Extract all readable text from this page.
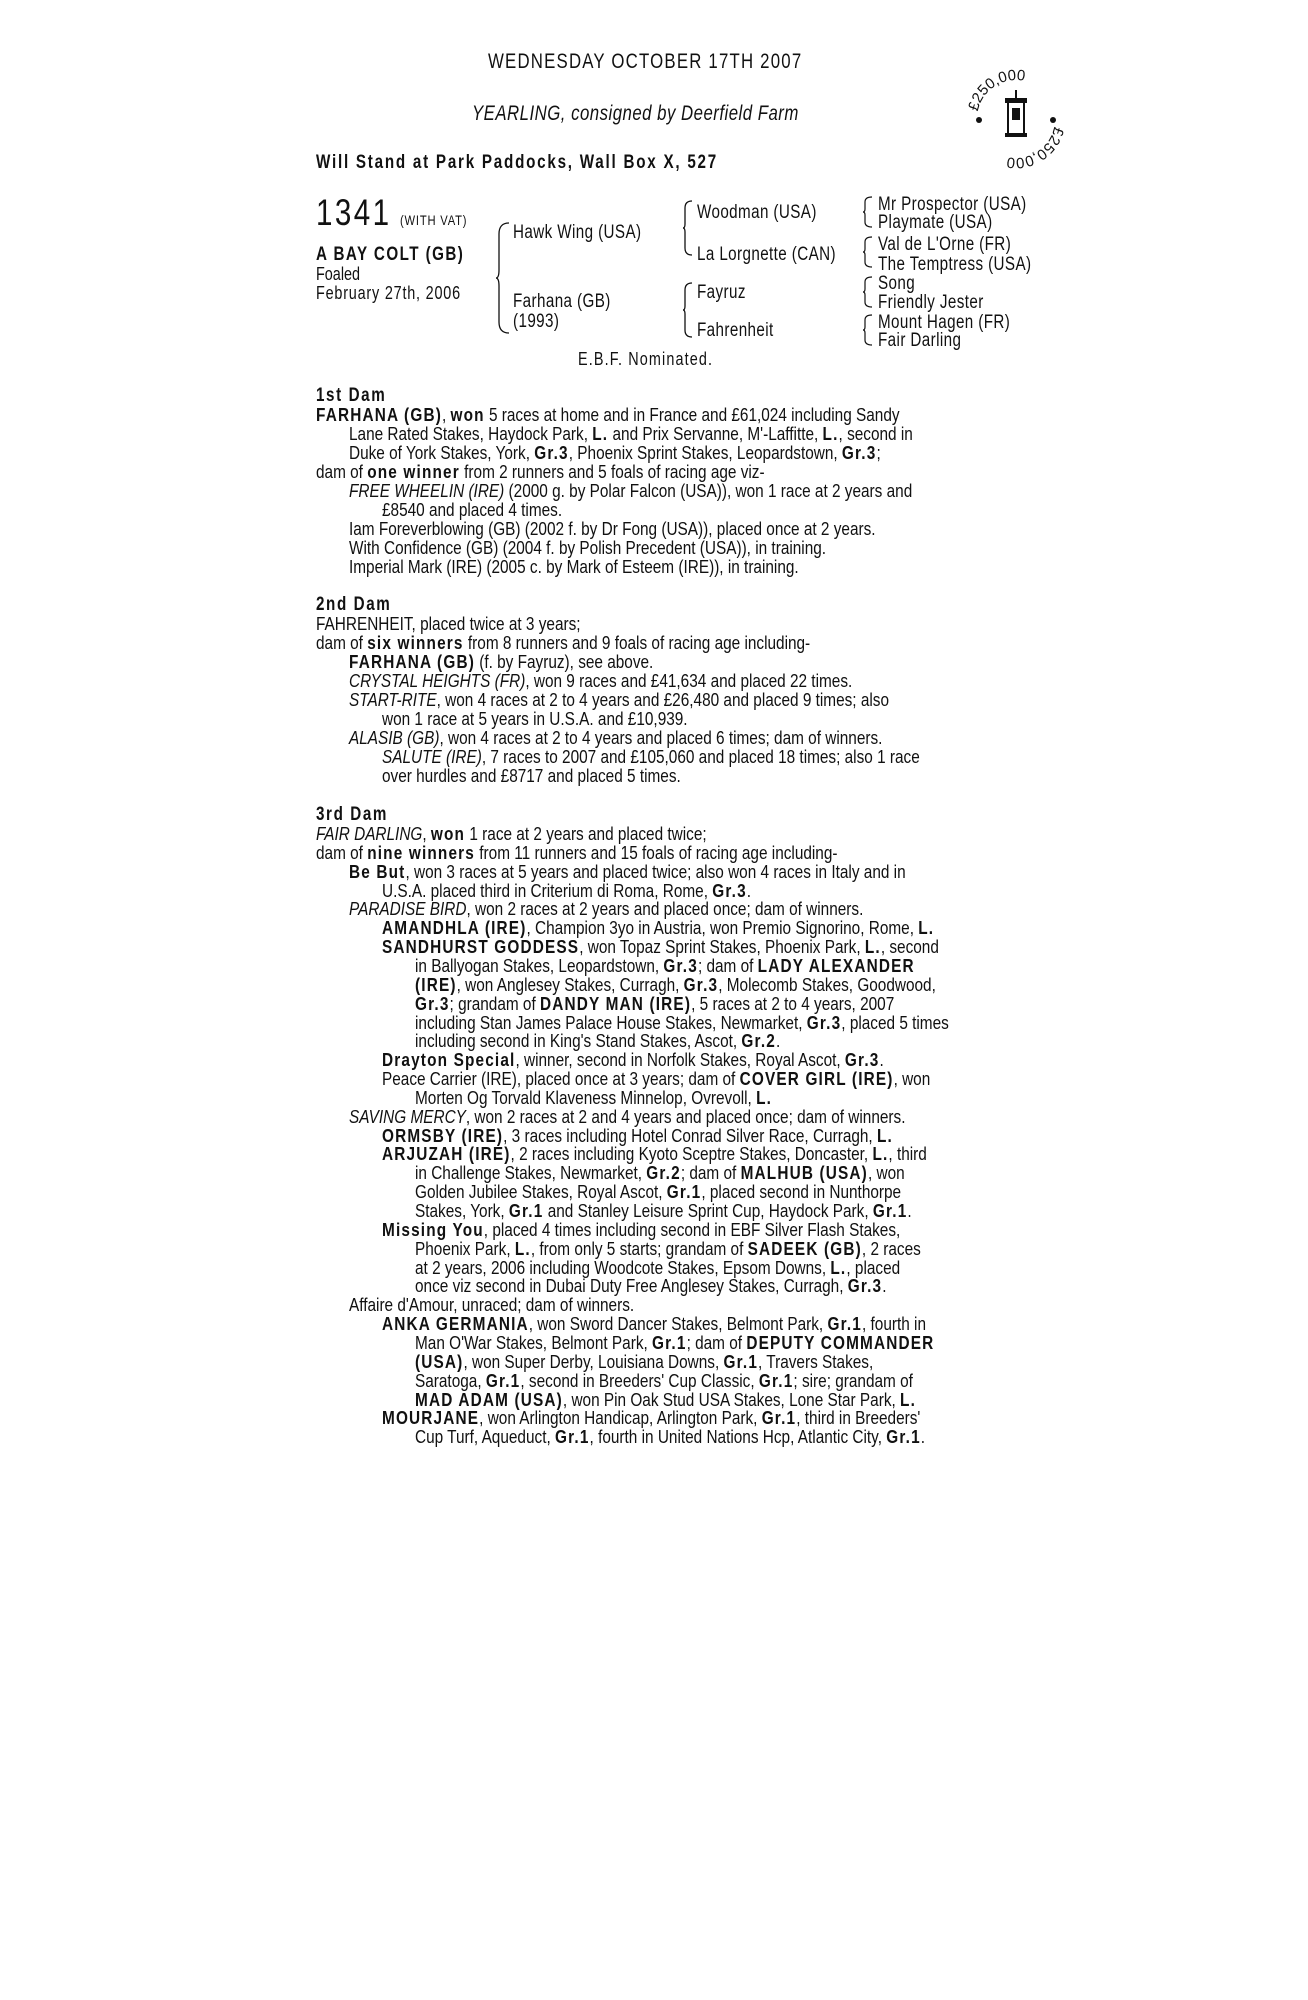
WEDNESDAY OCTOBER 17TH 2007
YEARLING, consigned by Deerfield Farm
Will Stand at Park Paddocks, Wall Box X, 527
£250,000
£250,000
1341 (WITH VAT)
A BAY COLT (GB)
Foaled
February 27th, 2006
Hawk Wing (USA)
Farhana (GB)
(1993)
Woodman (USA)
La Lorgnette (CAN)
Fayruz
Fahrenheit
Mr Prospector (USA)
Playmate (USA)
Val de L'Orne (FR)
The Temptress (USA)
Song
Friendly Jester
Mount Hagen (FR)
Fair Darling
E.B.F. Nominated.
1st Dam
FARHANA (GB), won 5 races at home and in France and £61,024 including Sandy
Lane Rated Stakes, Haydock Park, L. and Prix Servanne, M'-Laffitte, L., second in
Duke of York Stakes, York, Gr.3, Phoenix Sprint Stakes, Leopardstown, Gr.3;
dam of one winner from 2 runners and 5 foals of racing age viz-
FREE WHEELIN (IRE) (2000 g. by Polar Falcon (USA)), won 1 race at 2 years and
£8540 and placed 4 times.
Iam Foreverblowing (GB) (2002 f. by Dr Fong (USA)), placed once at 2 years.
With Confidence (GB) (2004 f. by Polish Precedent (USA)), in training.
Imperial Mark (IRE) (2005 c. by Mark of Esteem (IRE)), in training.
2nd Dam
FAHRENHEIT, placed twice at 3 years;
dam of six winners from 8 runners and 9 foals of racing age including-
FARHANA (GB) (f. by Fayruz), see above.
CRYSTAL HEIGHTS (FR), won 9 races and £41,634 and placed 22 times.
START-RITE, won 4 races at 2 to 4 years and £26,480 and placed 9 times; also
won 1 race at 5 years in U.S.A. and £10,939.
ALASIB (GB), won 4 races at 2 to 4 years and placed 6 times; dam of winners.
SALUTE (IRE), 7 races to 2007 and £105,060 and placed 18 times; also 1 race
over hurdles and £8717 and placed 5 times.
3rd Dam
FAIR DARLING, won 1 race at 2 years and placed twice;
dam of nine winners from 11 runners and 15 foals of racing age including-
Be But, won 3 races at 5 years and placed twice; also won 4 races in Italy and in
U.S.A. placed third in Criterium di Roma, Rome, Gr.3.
PARADISE BIRD, won 2 races at 2 years and placed once; dam of winners.
AMANDHLA (IRE), Champion 3yo in Austria, won Premio Signorino, Rome, L.
SANDHURST GODDESS, won Topaz Sprint Stakes, Phoenix Park, L., second
in Ballyogan Stakes, Leopardstown, Gr.3; dam of LADY ALEXANDER
(IRE), won Anglesey Stakes, Curragh, Gr.3, Molecomb Stakes, Goodwood,
Gr.3; grandam of DANDY MAN (IRE), 5 races at 2 to 4 years, 2007
including Stan James Palace House Stakes, Newmarket, Gr.3, placed 5 times
including second in King's Stand Stakes, Ascot, Gr.2.
Drayton Special, winner, second in Norfolk Stakes, Royal Ascot, Gr.3.
Peace Carrier (IRE), placed once at 3 years; dam of COVER GIRL (IRE), won
Morten Og Torvald Klaveness Minnelop, Ovrevoll, L.
SAVING MERCY, won 2 races at 2 and 4 years and placed once; dam of winners.
ORMSBY (IRE), 3 races including Hotel Conrad Silver Race, Curragh, L.
ARJUZAH (IRE), 2 races including Kyoto Sceptre Stakes, Doncaster, L., third
in Challenge Stakes, Newmarket, Gr.2; dam of MALHUB (USA), won
Golden Jubilee Stakes, Royal Ascot, Gr.1, placed second in Nunthorpe
Stakes, York, Gr.1 and Stanley Leisure Sprint Cup, Haydock Park, Gr.1.
Missing You, placed 4 times including second in EBF Silver Flash Stakes,
Phoenix Park, L., from only 5 starts; grandam of SADEEK (GB), 2 races
at 2 years, 2006 including Woodcote Stakes, Epsom Downs, L., placed
once viz second in Dubai Duty Free Anglesey Stakes, Curragh, Gr.3.
Affaire d'Amour, unraced; dam of winners.
ANKA GERMANIA, won Sword Dancer Stakes, Belmont Park, Gr.1, fourth in
Man O'War Stakes, Belmont Park, Gr.1; dam of DEPUTY COMMANDER
(USA), won Super Derby, Louisiana Downs, Gr.1, Travers Stakes,
Saratoga, Gr.1, second in Breeders' Cup Classic, Gr.1; sire; grandam of
MAD ADAM (USA), won Pin Oak Stud USA Stakes, Lone Star Park, L.
MOURJANE, won Arlington Handicap, Arlington Park, Gr.1, third in Breeders'
Cup Turf, Aqueduct, Gr.1, fourth in United Nations Hcp, Atlantic City, Gr.1.
